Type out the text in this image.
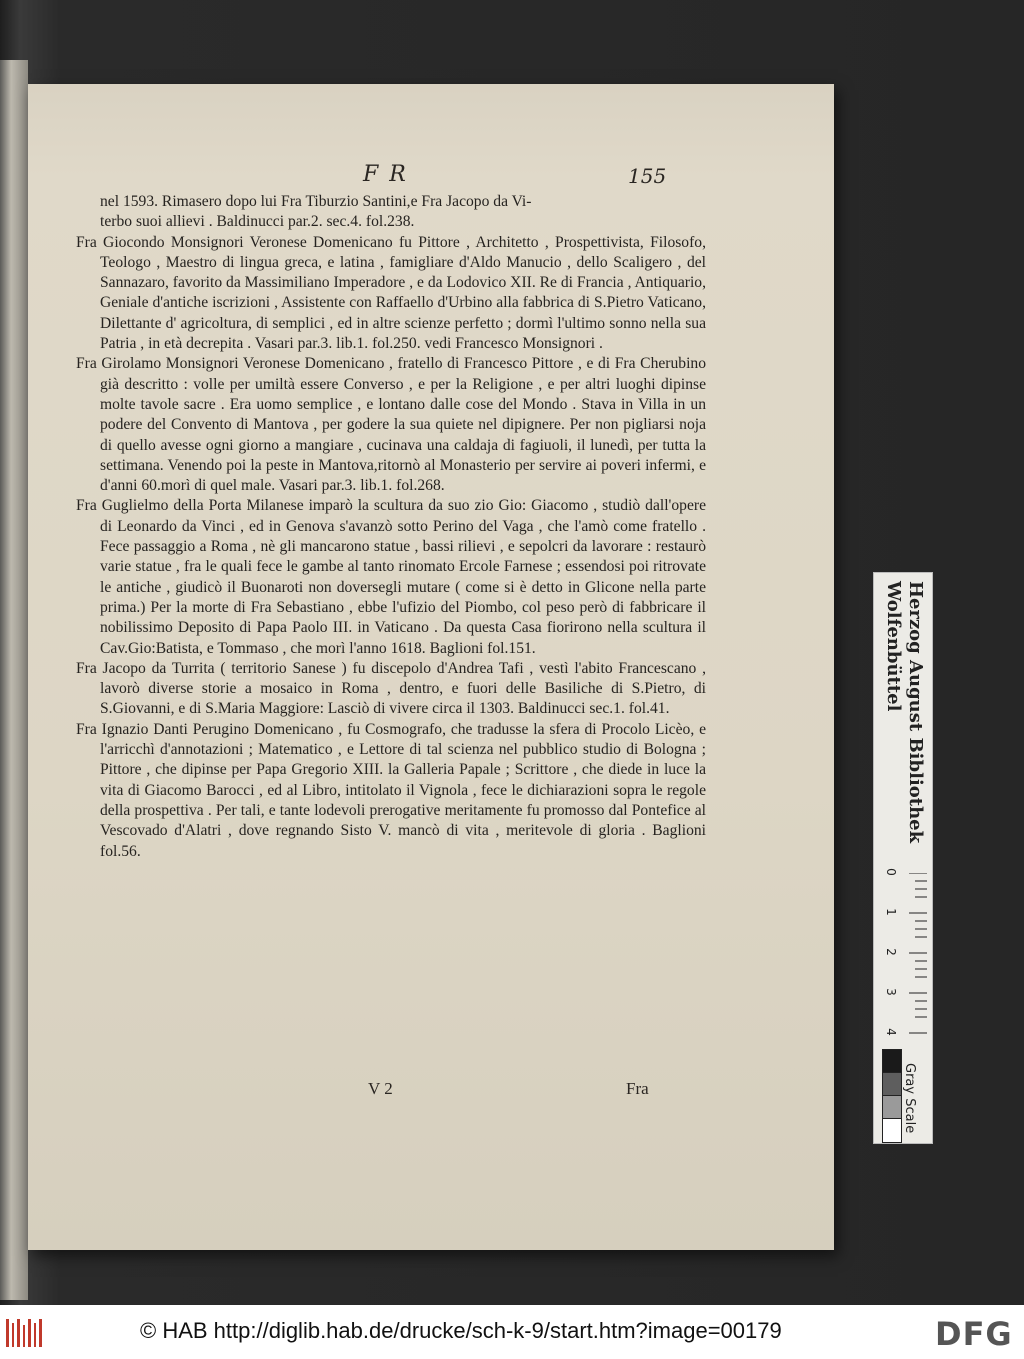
F R	155

nel 1593. Rimasero dopo lui Fra Tiburzio Santini,e Fra Jacopo da Vi-

terbo suoi allievi . Baldinucci par.2. sec.4. fol.238.

Fra Giocondo Monsignori Veronese Domenicano fu Pittore , Architetto , Prospettivista, Filosofo, Teologo , Maestro di lingua greca, e latina , famigliare d'Aldo Manucio , dello Scaligero , del Sannazaro, favorito da Massimiliano Imperadore , e da Lodovico XII. Re di Francia , Antiquario, Geniale d'antiche iscrizioni , Assistente con Raffaello d'Urbino alla fabbrica di S.Pietro Vaticano, Dilettante d' agricoltura, di semplici , ed in altre scienze perfetto ; dormì l'ultimo sonno nella sua Patria , in età decrepita . Vasari par.3. lib.1. fol.250. vedi Francesco Monsignori .

Fra Girolamo Monsignori Veronese Domenicano , fratello di Francesco Pittore , e di Fra Cherubino già descritto : volle per umiltà essere Converso , e per la Religione , e per altri luoghi dipinse molte tavole sacre . Era uomo semplice , e lontano dalle cose del Mondo . Stava in Villa in un podere del Convento di Mantova , per godere la sua quiete nel dipignere. Per non pigliarsi noja di quello avesse ogni giorno a mangiare , cucinava una caldaja di fagiuoli, il lunedì, per tutta la settimana. Venendo poi la peste in Mantova,ritornò al Monasterio per servire ai poveri infermi, e d'anni 60.morì di quel male. Vasari par.3. lib.1. fol.268.

Fra Guglielmo della Porta Milanese imparò la scultura da suo zio Gio: Giacomo , studiò dall'opere di Leonardo da Vinci , ed in Genova s'avanzò sotto Perino del Vaga , che l'amò come fratello . Fece passaggio a Roma , nè gli mancarono statue , bassi rilievi , e sepolcri da lavorare : restaurò varie statue , fra le quali fece le gambe al tanto rinomato Ercole Farnese ; essendosi poi ritrovate le antiche , giudicò il Buonaroti non doversegli mutare ( come si è detto in Glicone nella parte prima.) Per la morte di Fra Sebastiano , ebbe l'ufizio del Piombo, col peso però di fabbricare il nobilissimo Deposito di Papa Paolo III. in Vaticano . Da questa Casa fiorirono nella scultura il Cav.Gio:Batista, e Tommaso , che morì l'anno 1618. Baglioni fol.151.

Fra Jacopo da Turrita ( territorio Sanese ) fu discepolo d'Andrea Tafi , vestì l'abito Francescano , lavorò diverse storie a mosaico in Roma , dentro, e fuori delle Basiliche di S.Pietro, di S.Giovanni, e di S.Maria Maggiore: Lasciò di vivere circa il 1303. Baldinucci sec.1. fol.41.

Fra Ignazio Danti Perugino Domenicano , fu Cosmografo, che tradusse la sfera di Procolo Licèo, e l'arricchì d'annotazioni ; Matematico , e Lettore di tal scienza nel pubblico studio di Bologna ; Pittore , che dipinse per Papa Gregorio XIII. la Galleria Papale ; Scrittore , che diede in luce la vita di Giacomo Barocci , ed al Libro, intitolato il Vignola , fece le dichiarazioni sopra le regole della prospettiva . Per tali, e tante lodevoli prerogative meritamente fu promosso dal Pontefice al Vescovado d'Alatri , dove regnando Sisto V. mancò di vita , meritevole di gloria . Baglioni fol.56.

V 2	Fra
Herzog August Bibliothek
Wolfenbüttel
0
1
2
3
4
Gray Scale
© HAB http://diglib.hab.de/drucke/sch-k-9/start.htm?image=00179	DFG
